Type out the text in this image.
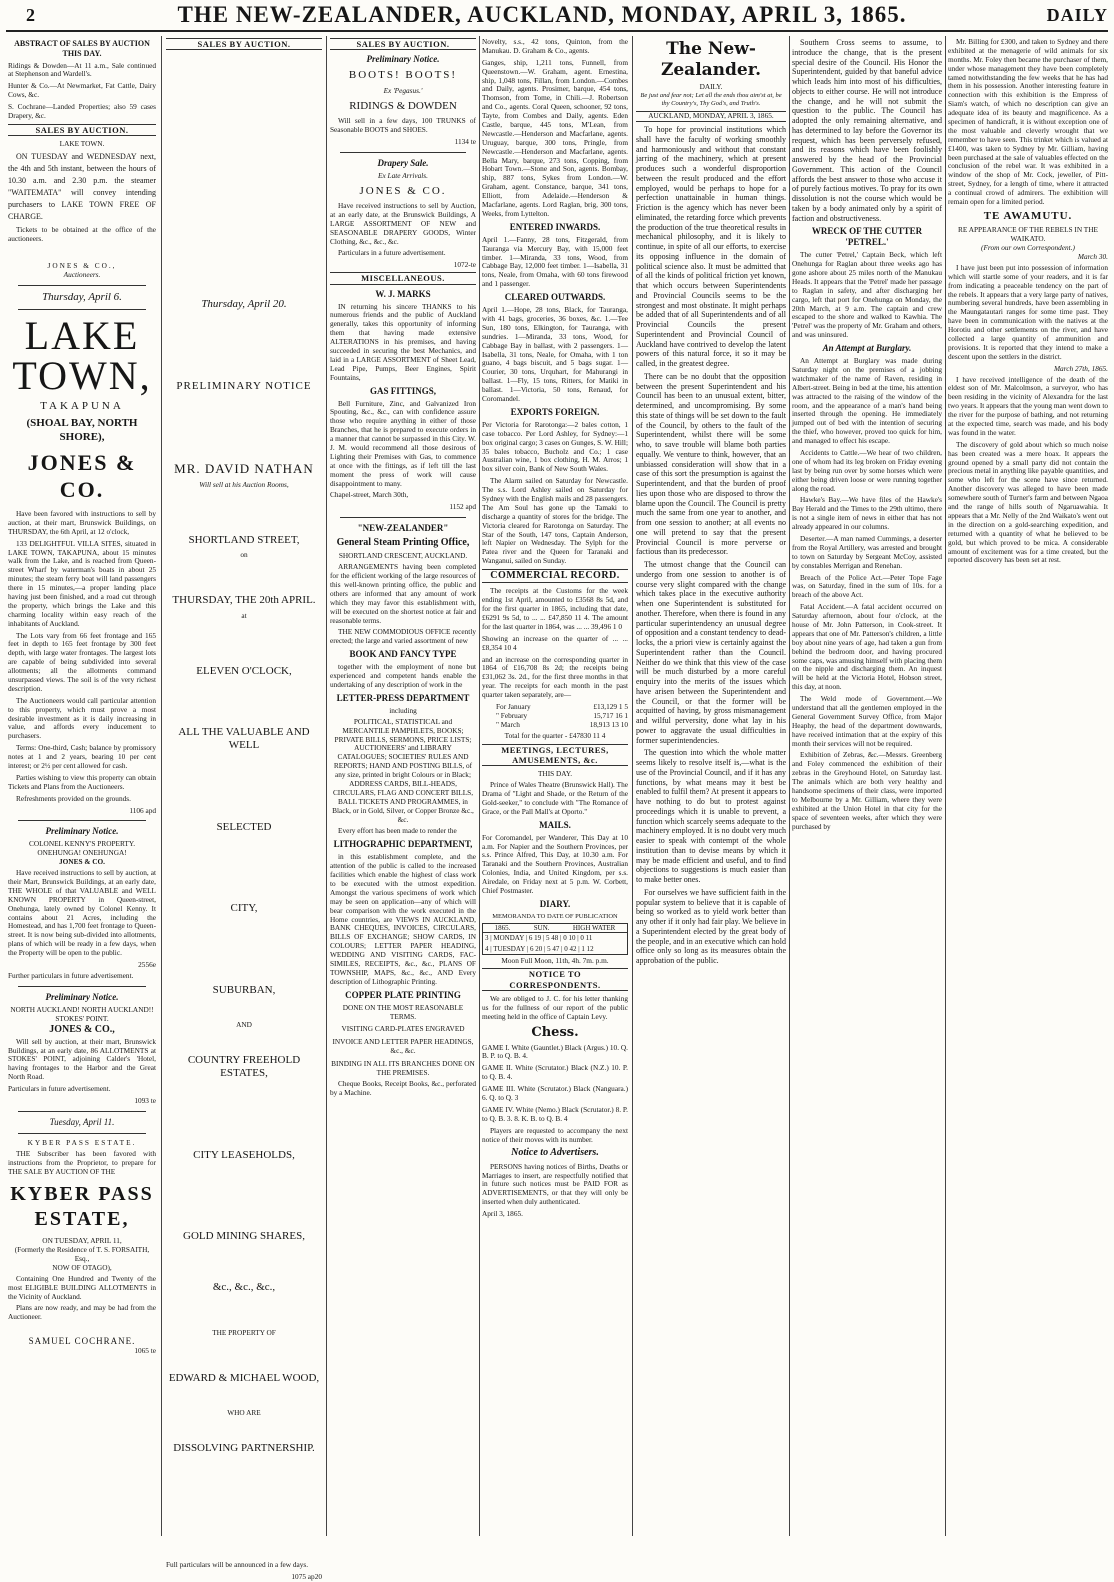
2	THE NEW-ZEALANDER, AUCKLAND, MONDAY, APRIL 3, 1865.	DAILY
ABSTRACT OF SALES BY AUCTION THIS DAY.

Ridings & Dowden—At 11 a.m., Sale continued at Stephenson and Wardell's.

Hunter & Co.—At Newmarket, Fat Cattle, Dairy Cows, &c.

S. Cochrane—Landed Properties; also 59 cases Drapery, &c.

SALES BY AUCTION.
LAKE TOWN.

ON TUESDAY and WEDNESDAY next, the 4th and 5th instant, between the hours of 10.30 a.m. and 2.30 p.m. the steamer "WAITEMATA" will convey intending purchasers to LAKE TOWN FREE OF CHARGE.

Tickets to be obtained at the office of the auctioneers.

JONES & CO.,
Auctioneers.
Thursday, April 6.
LAKE TOWN,
TAKAPUNA
(SHOAL BAY, NORTH SHORE),
JONES & CO.

Have been favored with instructions to sell by auction, at their mart, Brunswick Buildings, on THURSDAY, the 6th April, at 12 o'clock,

133 DELIGHTFUL VILLA SITES, situated in LAKE TOWN, TAKAPUNA, about 15 minutes walk from the Lake, and is reached from Queen-street Wharf by waterman's boats in about 25 minutes; the steam ferry boat will land passengers there in 15 minutes,—a proper landing place having just been finished, and a road cut through the property, which brings the Lake and this charming locality within easy reach of the inhabitants of Auckland.

The Lots vary from 66 feet frontage and 165 feet in depth to 165 feet frontage by 300 feet depth, with large water frontages. The largest lots are capable of being subdivided into several allotments; all the allotments command unsurpassed views. The soil is of the very richest description.

The Auctioneers would call particular attention to this property, which must prove a most desirable investment as it is daily increasing in value, and affords every inducement to purchasers.

Terms: One-third, Cash; balance by promissory notes at 1 and 2 years, bearing 10 per cent interest; or 2½ per cent allowed for cash.

Parties wishing to view this property can obtain Tickets and Plans from the Auctioneers.

Refreshments provided on the grounds.

1106 apd
Preliminary Notice.
COLONEL KENNY'S PROPERTY.
ONEHUNGA! ONEHUNGA!
JONES & CO.

Have received instructions to sell by auction, at their Mart, Brunswick Buildings, at an early date, THE WHOLE of that VALUABLE and WELL KNOWN PROPERTY in Queen-street, Onehunga, lately owned by Colonel Kenny. It contains about 21 Acres, including the Homestead, and has 1,700 feet frontage to Queen-street. It is now being sub-divided into allotments, plans of which will be ready in a few days, when the Property will be open to the public.

2556e

Further particulars in future advertisement.

Preliminary Notice.
NORTH AUCKLAND! NORTH AUCKLAND!!
STOKES' POINT.
JONES & CO.,

Will sell by auction, at their mart, Brunswick Buildings, at an early date, 86 ALLOTMENTS at STOKES' POINT, adjoining Calder's 'Hotel, having frontages to the Harbor and the Great North Road.

Particulars in future advertisement.

1093 te
Tuesday, April 11.
KYBER PASS ESTATE.

THE Subscriber has been favored with instructions from the Proprietor, to prepare for THE SALE BY AUCTION OF THE

KYBER PASS ESTATE,
ON TUESDAY, APRIL 11,
(Formerly the Residence of T. S. FORSAITH, Esq.,
NOW OF OTAGO),

Containing One Hundred and Twenty of the most ELIGIBLE BUILDING ALLOTMENTS in the Vicinity of Auckland.

Plans are now ready, and may be had from the Auctioneer.

SAMUEL COCHRANE.
1065 te
SALES BY AUCTION.
Thursday, April 20.
PRELIMINARY NOTICE
MR. DAVID NATHAN
Will sell at his Auction Rooms,
SHORTLAND STREET,
on
THURSDAY, THE 20th APRIL.
at
ELEVEN O'CLOCK,
ALL THE VALUABLE AND WELL
SELECTED
CITY,
SUBURBAN,
AND
COUNTRY FREEHOLD ESTATES,
CITY LEASEHOLDS,
GOLD MINING SHARES,
&c., &c., &c.,
THE PROPERTY OF
EDWARD & MICHAEL WOOD,
WHO ARE
DISSOLVING PARTNERSHIP.

Full particulars will be announced in a few days.

1075 ap20
SALES BY AUCTION.
Preliminary Notice.
BOOTS! BOOTS!
Ex 'Pegasus.'
RIDINGS & DOWDEN

Will sell in a few days, 100 TRUNKS of Seasonable BOOTS and SHOES.

1134 te
Drapery Sale.
Ex Late Arrivals.
JONES & CO.

Have received instructions to sell by Auction, at an early date, at the Brunswick Buildings, A LARGE ASSORTMENT OF NEW and SEASONABLE DRAPERY GOODS, Winter Clothing, &c., &c., &c.

Particulars in a future advertisement.

1072-te
MISCELLANEOUS.
W. J. MARKS

IN returning his sincere THANKS to his numerous friends and the public of Auckland generally, takes this opportunity of informing them that having made extensive ALTERATIONS in his premises, and having succeeded in securing the best Mechanics, and laid in a LARGE ASSORTMENT of Sheet Lead, Lead Pipe, Pumps, Beer Engines, Spirit Fountains,

GAS FITTINGS,

Bell Furniture, Zinc, and Galvanized Iron Spouting, &c., &c., can with confidence assure those who require anything in either of those Branches, that he is prepared to execute orders in a manner that cannot be surpassed in this City. W. J. M. would recommend all those desirous of Lighting their Premises with Gas, to commence at once with the fittings, as if left till the last moment the press of work will cause disappointment to many.

Chapel-street, March 30th,

1152 apd
"NEW-ZEALANDER"
General Steam Printing Office,
SHORTLAND CRESCENT, AUCKLAND.

ARRANGEMENTS having been completed for the efficient working of the large resources of this well-known printing office, the public and others are informed that any amount of work which they may favor this establishment with, will be executed on the shortest notice at fair and reasonable terms.

THE NEW COMMODIOUS OFFICE recently erected; the large and varied assortment of new

BOOK AND FANCY TYPE

together with the employment of none but experienced and competent hands enable the undertaking of any description of work in the

LETTER-PRESS DEPARTMENT
including

POLITICAL, STATISTICAL and MERCANTILE PAMPHLETS, BOOKS; PRIVATE BILLS, SERMONS, PRICE LISTS; AUCTIONEERS' and LIBRARY CATALOGUES; SOCIETIES' RULES AND REPORTS; HAND AND POSTING BILLS, of any size, printed in bright Colours or in Black; ADDRESS CARDS, BILL-HEADS, CIRCULARS, FLAG AND CONCERT BILLS, BALL TICKETS AND PROGRAMMES, in Black, or in Gold, Silver, or Copper Bronze &c., &c.

Every effort has been made to render the

LITHOGRAPHIC DEPARTMENT,

in this establishment complete, and the attention of the public is called to the increased facilities which enable the highest of class work to be executed with the utmost expedition. Amongst the various specimens of work which may be seen on application—any of which will bear comparison with the work executed in the Home countries, are VIEWS IN AUCKLAND, BANK CHEQUES, INVOICES, CIRCULARS, BILLS OF EXCHANGE; SHOW CARDS, IN COLOURS; LETTER PAPER HEADING, WEDDING AND VISITING CARDS, FAC-SIMILES, RECEIPTS, &c., &c., PLANS OF TOWNSHIP, MAPS, &c., &c., AND Every description of Lithographic Printing.

COPPER PLATE PRINTING
DONE ON THE MOST REASONABLE TERMS.
VISITING CARD-PLATES ENGRAVED
INVOICE AND LETTER PAPER HEADINGS, &c., &c.
BINDING IN ALL ITS BRANCHES DONE ON THE PREMISES.

Cheque Books, Receipt Books, &c., perforated by a Machine.

Novelty, s.s., 42 tons, Quinton, from the Manukau. D. Graham & Co., agents.

Ganges, ship, 1,211 tons, Funnell, from Queenstown.—W. Graham, agent. Ernestina, ship, 1,048 tons, Fillan, from London.—Combes and Daily, agents. Prosimer, barque, 454 tons, Thomson, from Tome, in Chili.—J. Robertson and Co., agents. Coral Queen, schooner, 92 tons, Tayte, from Combes and Daily, agents. Eden Castle, barque, 445 tons, M'Lean, from Newcastle.—Henderson and Macfarlane, agents. Uruguay, barque, 300 tons, Pringle, from Newcastle.—Henderson and Macfarlane, agents. Bella Mary, barque, 273 tons, Copping, from Hobart Town.—Stone and Son, agents. Bombay, ship, 887 tons, Sykes from London.—W. Graham, agent. Constance, barque, 341 tons, Elliott, from Adelaide.—Henderson & Macfarlane, agents. Lord Raglan, brig, 300 tons, Weeks, from Lyttelton.

ENTERED INWARDS.

April 1.—Fanny, 28 tons, Fitzgerald, from Tauranga via Mercury Bay, with 15,000 feet timber. 1—Miranda, 33 tons, Wood, from Cabbage Bay, 12,000 feet timber. 1—Isabella, 31 tons, Neale, from Omaha, with 60 tons firewood and 1 passenger.

CLEARED OUTWARDS.

April 1.—Hope, 28 tons, Black, for Tauranga, with 41 bags, groceries, 36 boxes, &c. 1.—Tee Sun, 180 tons, Elkington, for Tauranga, with sundries. 1—Miranda, 33 tons, Wood, for Cabbage Bay in ballast, with 2 passengers. 1—Isabella, 31 tons, Neale, for Omaha, with 1 ton guano, 4 bags biscuit, and 5 bags sugar. 1—Courier, 30 tons, Urquhart, for Mahurangi in ballast. 1—Fly, 15 tons, Ritters, for Matiki in ballast. 1—Victoria, 50 tons, Renaud, for Coromandel.

EXPORTS FOREIGN.

Per Victoria for Rarotonga:—2 bales cotton, 1 case tobacco. Per Lord Ashley, for Sydney:—1 box original cargo; 3 cases on Gunges, S. W. Hill; 35 bales tobacco, Bucholz and Co.; 1 case Australian wine, 1 box clothing, H. M. Arros; 1 box silver coin, Bank of New South Wales.

The Alarm sailed on Saturday for Newcastle. The s.s. Lord Ashley sailed on Saturday for Sydney with the English mails and 28 passengers. The Am Soul has gone up the Tamaki to discharge a quantity of stores for the bridge. The Victoria cleared for Rarotonga on Saturday. The Star of the South, 147 tons, Captain Anderson, left Napier on Wednesday. The Sylph for the Patea river and the Queen for Taranaki and Wanganui, sailed on Sunday.

COMMERCIAL RECORD.

The receipts at the Customs for the week ending 1st April, amounted to £3568 8s 5d, and for the first quarter in 1865, including that date, £6291 9s 5d, to ... ... £47,850 11 4. The amount for the last quarter in 1864, was ... ... 39,496 1 0

Showing an increase on the quarter of ... ... £8,354 10 4

and an increase on the corresponding quarter in 1864 of £16,708 8s 2d; the receipts being £31,062 3s. 2d., for the first three months in that year. The receipts for each month in the past quarter taken separately, are—

For January	£13,129 1 5
" February	15,717 16 1
" March	18,913 13 10

Total for the quarter - £47830 11 4

MEETINGS, LECTURES, AMUSEMENTS, &c.
THIS DAY.

Prince of Wales Theatre (Brunswick Hall). The Drama of "Light and Shade, or the Return of the Gold-seeker," to conclude with "The Romance of Grace, or the Pall Mall's at Oporto."

MAILS.

For Coromandel, per Wanderer, This Day at 10 a.m. For Napier and the Southern Provinces, per s.s. Prince Alfred, This Day, at 10.30 a.m. For Taranaki and the Southern Provinces, Australian Colonies, India, and United Kingdom, per s.s. Airedale, on Friday next at 5 p.m. W. Corbett, Chief Postmaster.

DIARY.
MEMORANDA TO DATE OF PUBLICATION
1865.	SUN.	HIGH WATER
3 | MONDAY | 6 19 | 5 48 | 0 10 | 0 11
4 | TUESDAY | 6 20 | 5 47 | 0 42 | 1 12
Moon Full Moon, 11th, 4h. 7m. p.m.
NOTICE TO CORRESPONDENTS.

We are obliged to J. C. for his letter thanking us for the fullness of our report of the public meeting held in the office of Captain Levy.

Chess.

GAME I. White (Gauntlet.) Black (Argus.) 10. Q. B. P. to Q. B. 4.

GAME II. White (Scrutator.) Black (N.Z.) 10. P. to Q. B. 4.

GAME III. White (Scrutator.) Black (Nanguara.) 6. Q. to Q. 3

GAME IV. White (Nemo.) Black (Scrutator.) 8. P. to Q. B. 3. 8. K. B. to Q. B. 4

Players are requested to accompany the next notice of their moves with its number.

Notice to Advertisers.

PERSONS having notices of Births, Deaths or Marriages to insert, are respectfully notified that in future such notices must be PAID FOR as ADVERTISEMENTS, or that they will only be inserted when duly authenticated.

April 3, 1865.

The New-Zealander.
DAILY.
Be just and fear not; Let all the ends thou aim'st at, be thy Country's, Thy God's, and Truth's.
AUCKLAND, MONDAY, APRIL 3, 1865.

To hope for provincial institutions which shall have the faculty of working smoothly and harmoniously and without that constant jarring of the machinery, which at present produces such a wonderful disproportion between the result produced and the effort employed, would be perhaps to hope for a perfection unattainable in human things. Friction is the agency which has never been eliminated, the retarding force which prevents the production of the true theoretical results in mechanical philosophy, and it is likely to continue, in spite of all our efforts, to exercise its opposing influence in the domain of political science also. It must be admitted that of all the kinds of political friction yet known, that which occurs between Superintendents and Provincial Councils seems to be the strongest and most obstinate. It might perhaps be added that of all Superintendents and of all Provincial Councils the present Superintendent and Provincial Council of Auckland have contrived to develop the latent powers of this natural force, it so it may be called, in the greatest degree.

There can be no doubt that the opposition between the present Superintendent and his Council has been to an unusual extent, bitter, determined, and uncompromising. By some this state of things will be set down to the fault of the Council, by others to the fault of the Superintendent, whilst there will be some who, to save trouble will blame both parties equally. We venture to think, however, that an unbiassed consideration will show that in a case of this sort the presumption is against the Superintendent, and that the burden of proof lies upon those who are disposed to throw the blame upon the Council. The Council is pretty much the same from one year to another, and from one session to another; at all events no one will pretend to say that the present Provincial Council is more perverse or factious than its predecessor.

The utmost change that the Council can undergo from one session to another is of course very slight compared with the change which takes place in the executive authority when one Superintendent is substituted for another. Therefore, when there is found in any particular superintendency an unusual degree of opposition and a constant tendency to dead-locks, the a priori view is certainly against the Superintendent rather than the Council. Neither do we think that this view of the case will be much disturbed by a more careful enquiry into the merits of the issues which have arisen between the Superintendent and the Council, or that the former will be acquitted of having, by gross mismanagement and wilful perversity, done what lay in his power to aggravate the usual difficulties in former superintendencies.

The question into which the whole matter seems likely to resolve itself is,—what is the use of the Provincial Council, and if it has any functions, by what means may it best be enabled to fulfil them? At present it appears to have nothing to do but to protest against proceedings which it is unable to prevent, a function which scarcely seems adequate to the machinery employed. It is no doubt very much easier to speak with contempt of the whole institution than to devise means by which it may be made efficient and useful, and to find objections to suggestions is much easier than to make better ones.

For ourselves we have sufficient faith in the popular system to believe that it is capable of being so worked as to yield work better than any other if it only had fair play. We believe in a Superintendent elected by the great body of the people, and in an executive which can hold office only so long as its measures obtain the approbation of the public.

Southern Cross seems to assume, to introduce the change, that is the present special desire of the Council. His Honor the Superintendent, guided by that baneful advice which leads him into most of his difficulties, objects to either course. He will not introduce the change, and he will not submit the question to the public. The Council has adopted the only remaining alternative, and has determined to lay before the Governor its request, which has been perversely refused, and its reasons which have been foolishly answered by the head of the Provincial Government. This action of the Council affords the best answer to those who accuse it of purely factious motives. To pray for its own dissolution is not the course which would be taken by a body animated only by a spirit of faction and obstructiveness.

WRECK OF THE CUTTER 'PETREL.'

The cutter 'Petrel,' Captain Beck, which left Onehunga for Raglan about three weeks ago has gone ashore about 25 miles north of the Manukau Heads. It appears that the 'Petrel' made her passage to Raglan in safety, and after discharging her cargo, left that port for Onehunga on Monday, the 20th March, at 9 a.m. The captain and crew escaped to the shore and walked to Kawhia. The 'Petrel' was the property of Mr. Graham and others, and was uninsured.

An Attempt at Burglary.

An Attempt at Burglary was made during Saturday night on the premises of a jobbing watchmaker of the name of Raven, residing in Albert-street. Being in bed at the time, his attention was attracted to the raising of the window of the room, and the appearance of a man's hand being inserted through the opening. He immediately jumped out of bed with the intention of securing the thief, who however, proved too quick for him, and managed to effect his escape.

Accidents to Cattle.—We hear of two children, one of whom had its leg broken on Friday evening last by being run over by some horses which were either being driven loose or were running together along the road.

Hawke's Bay.—We have files of the Hawke's Bay Herald and the Times to the 29th ultimo, there is not a single item of news in either that has not already appeared in our columns.

Deserter.—A man named Cummings, a deserter from the Royal Artillery, was arrested and brought to town on Saturday by Sergeant McCoy, assisted by constables Merrigan and Renehan.

Breach of the Police Act.—Peter Tope Fage was, on Saturday, fined in the sum of 10s. for a breach of the above Act.

Fatal Accident.—A fatal accident occurred on Saturday afternoon, about four o'clock, at the house of Mr. John Patterson, in Cook-street. It appears that one of Mr. Patterson's children, a little boy about nine years of age, had taken a gun from behind the bedroom door, and having procured some caps, was amusing himself with placing them on the nipple and discharging them. An inquest will be held at the Victoria Hotel, Hobson street, this day, at noon.

The Weld mode of Government.—We understand that all the gentlemen employed in the General Government Survey Office, from Major Heaphy, the head of the department downwards, have received intimation that at the expiry of this month their services will not be required.

Exhibition of Zebras, &c.—Messrs. Greenberg and Foley commenced the exhibition of their zebras in the Greyhound Hotel, on Saturday last. The animals which are both very healthy and handsome specimens of their class, were imported to Melbourne by a Mr. Gilliam, where they were exhibited at the Union Hotel in that city for the space of seventeen weeks, after which they were purchased by

Mr. Billing for £300, and taken to Sydney and there exhibited at the menagerie of wild animals for six months. Mr. Foley then became the purchaser of them, under whose management they have been completely tamed notwithstanding the few weeks that he has had them in his possession. Another interesting feature in connection with this exhibition is the Empress of Siam's watch, of which no description can give an adequate idea of its beauty and magnificence. As a specimen of handicraft, it is without exception one of the most valuable and cleverly wrought that we remember to have seen. This trinket which is valued at £1400, was taken to Sydney by Mr. Gilliam, having been purchased at the sale of valuables effected on the conclusion of the rebel war. It was exhibited in a window of the shop of Mr. Cock, jeweller, of Pitt-street, Sydney, for a length of time, where it attracted a continual crowd of admirers. The exhibition will remain open for a limited period.

TE AWAMUTU.
RE APPEARANCE OF THE REBELS IN THE WAIKATO.
(From our own Correspondent.)
March 30.

I have just been put into possession of information which will startle some of your readers, and it is far from indicating a peaceable tendency on the part of the rebels. It appears that a very large party of natives, numbering several hundreds, have been assembling in the Maungatautari ranges for some time past. They have been in communication with the natives at the Horotiu and other settlements on the river, and have collected a large quantity of ammunition and provisions. It is reported that they intend to make a descent upon the settlers in the district.

March 27th, 1865.

I have received intelligence of the death of the eldest son of Mr. Malcolmson, a surveyor, who has been residing in the vicinity of Alexandra for the last two years. It appears that the young man went down to the river for the purpose of bathing, and not returning at the expected time, search was made, and his body was found in the water.

The discovery of gold about which so much noise has been created was a mere hoax. It appears the ground opened by a small party did not contain the precious metal in anything like payable quantities, and some who left for the scene have since returned. Another discovery was alleged to have been made somewhere south of Turner's farm and between Ngaoa and the range of hills south of Ngaruawahia. It appears that a Mr. Nelly of the 2nd Waikato's went out in the direction on a gold-searching expedition, and returned with a quantity of what he believed to be gold, but which proved to be mica. A considerable amount of excitement was for a time created, but the reported discovery has been set at rest.
